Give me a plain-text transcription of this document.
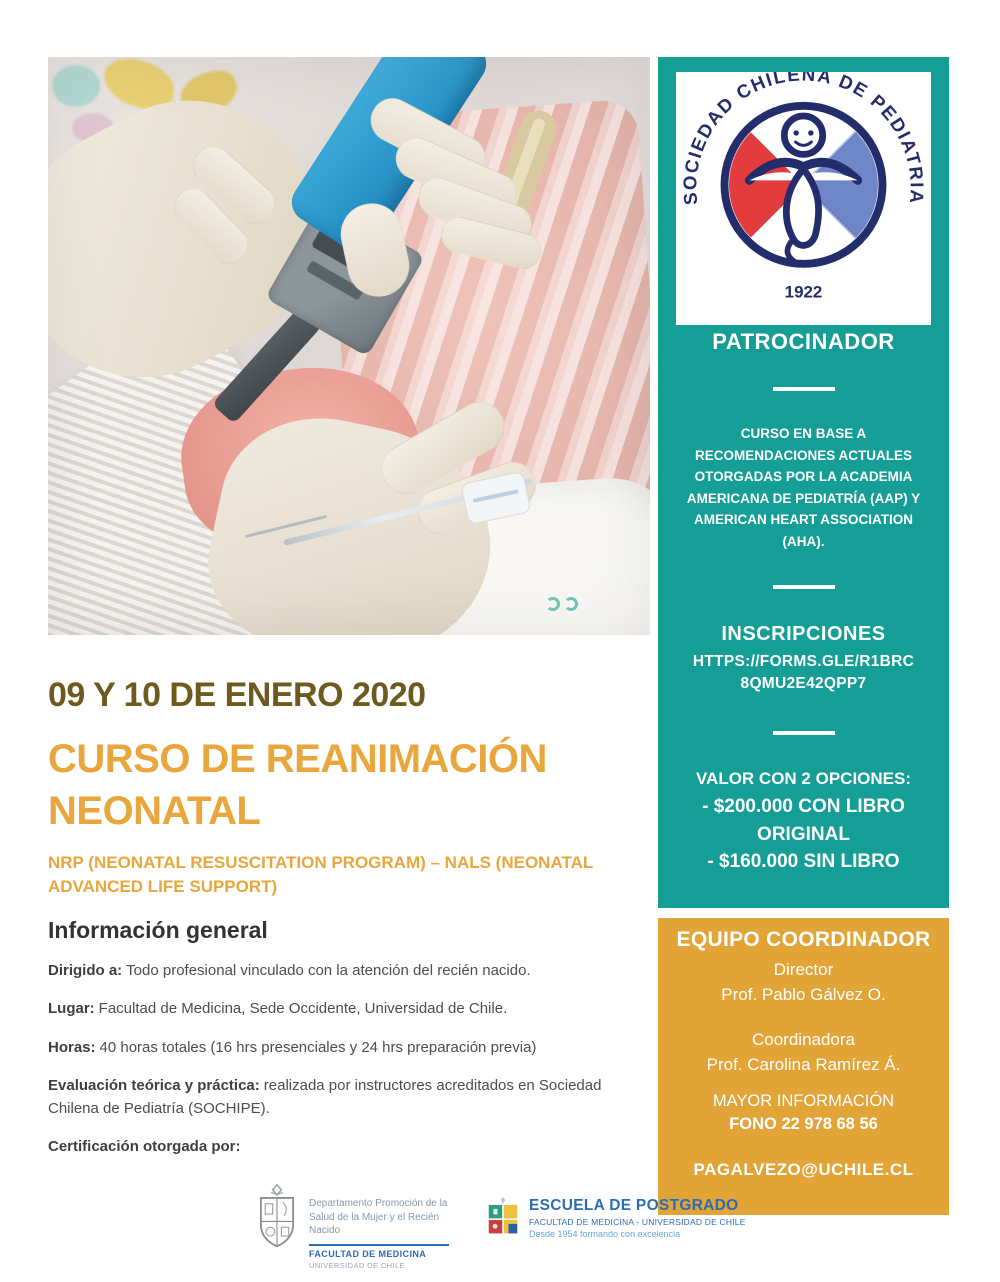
SOCIEDAD CHILENA DE PEDIATRIA
1922
PATROCINADOR
CURSO EN BASE A RECOMENDACIONES ACTUALES OTORGADAS POR LA ACADEMIA AMERICANA DE PEDIATRÍA (AAP) Y AMERICAN HEART ASSOCIATION (AHA).
INSCRIPCIONES
HTTPS://FORMS.GLE/R1BRC 8QMU2E42QPP7
VALOR CON 2 OPCIONES:
- $200.000 CON LIBRO ORIGINAL
- $160.000 SIN LIBRO
EQUIPO COORDINADOR
Director
Prof. Pablo Gálvez O.
Coordinadora
Prof. Carolina Ramírez Á.
MAYOR INFORMACIÓN
FONO 22 978 68 56
PAGALVEZO@UCHILE.CL
09 Y 10 DE ENERO 2020
CURSO DE REANIMACIÓN NEONATAL
NRP (NEONATAL RESUSCITATION PROGRAM) – NALS (NEONATAL
ADVANCED LIFE SUPPORT)
Información general

Dirigido a: Todo profesional vinculado con la atención del recién nacido.

Lugar: Facultad de Medicina, Sede Occidente, Universidad de Chile.

Horas: 40 horas totales (16 hrs presenciales y 24 hrs preparación previa)

Evaluación teórica y práctica: realizada por instructores acreditados en Sociedad Chilena de Pediatría (SOCHIPE).

Certificación otorgada por:

Departamento Promoción de la
Salud de la Mujer y el Recién Nacido
FACULTAD DE MEDICINA
UNIVERSIDAD DE CHILE
ESCUELA DE POSTGRADO
FACULTAD DE MEDICINA - UNIVERSIDAD DE CHILE
Desde 1954 formando con excelencia
